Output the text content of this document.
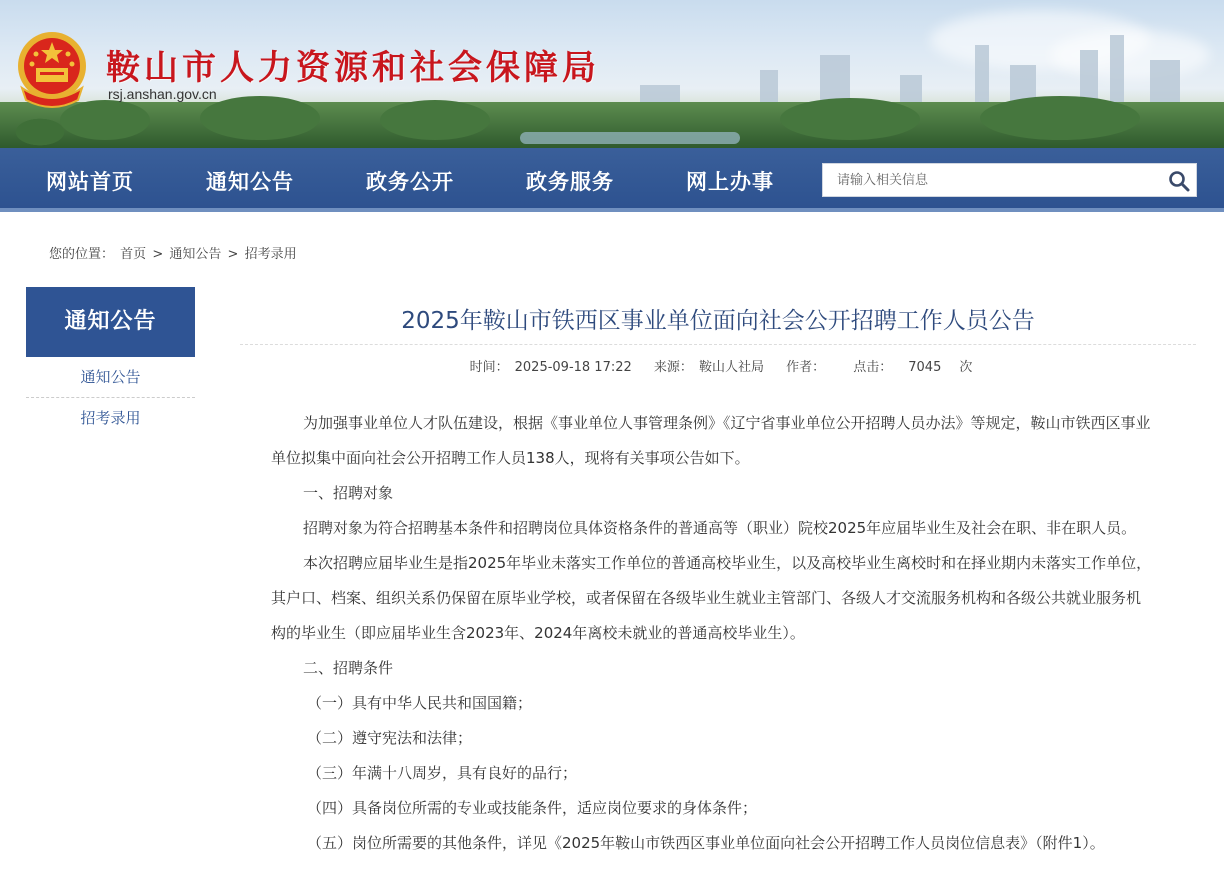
鞍山市人力资源和社会保障局
rsj.anshan.gov.cn
网站首页	通知公告	政务公开	政务服务	网上办事
请输入相关信息
您的位置： 首页 > 通知公告 > 招考录用
通知公告
通知公告
招考录用
2025年鞍山市铁西区事业单位面向社会公开招聘工作人员公告
时间： 2025-09-18 17:22 来源： 鞍山人社局 作者： 点击： 7045 次

为加强事业单位人才队伍建设，根据《事业单位人事管理条例》《辽宁省事业单位公开招聘人员办法》等规定，鞍山市铁西区事业单位拟集中面向社会公开招聘工作人员138人，现将有关事项公告如下。

一、招聘对象

招聘对象为符合招聘基本条件和招聘岗位具体资格条件的普通高等（职业）院校2025年应届毕业生及社会在职、非在职人员。

本次招聘应届毕业生是指2025年毕业未落实工作单位的普通高校毕业生，以及高校毕业生离校时和在择业期内未落实工作单位，其户口、档案、组织关系仍保留在原毕业学校，或者保留在各级毕业生就业主管部门、各级人才交流服务机构和各级公共就业服务机构的毕业生（即应届毕业生含2023年、2024年离校未就业的普通高校毕业生）。

二、招聘条件

（一）具有中华人民共和国国籍；

（二）遵守宪法和法律；

（三）年满十八周岁，具有良好的品行；

（四）具备岗位所需的专业或技能条件，适应岗位要求的身体条件；

（五）岗位所需要的其他条件，详见《2025年鞍山市铁西区事业单位面向社会公开招聘工作人员岗位信息表》（附件1）。
